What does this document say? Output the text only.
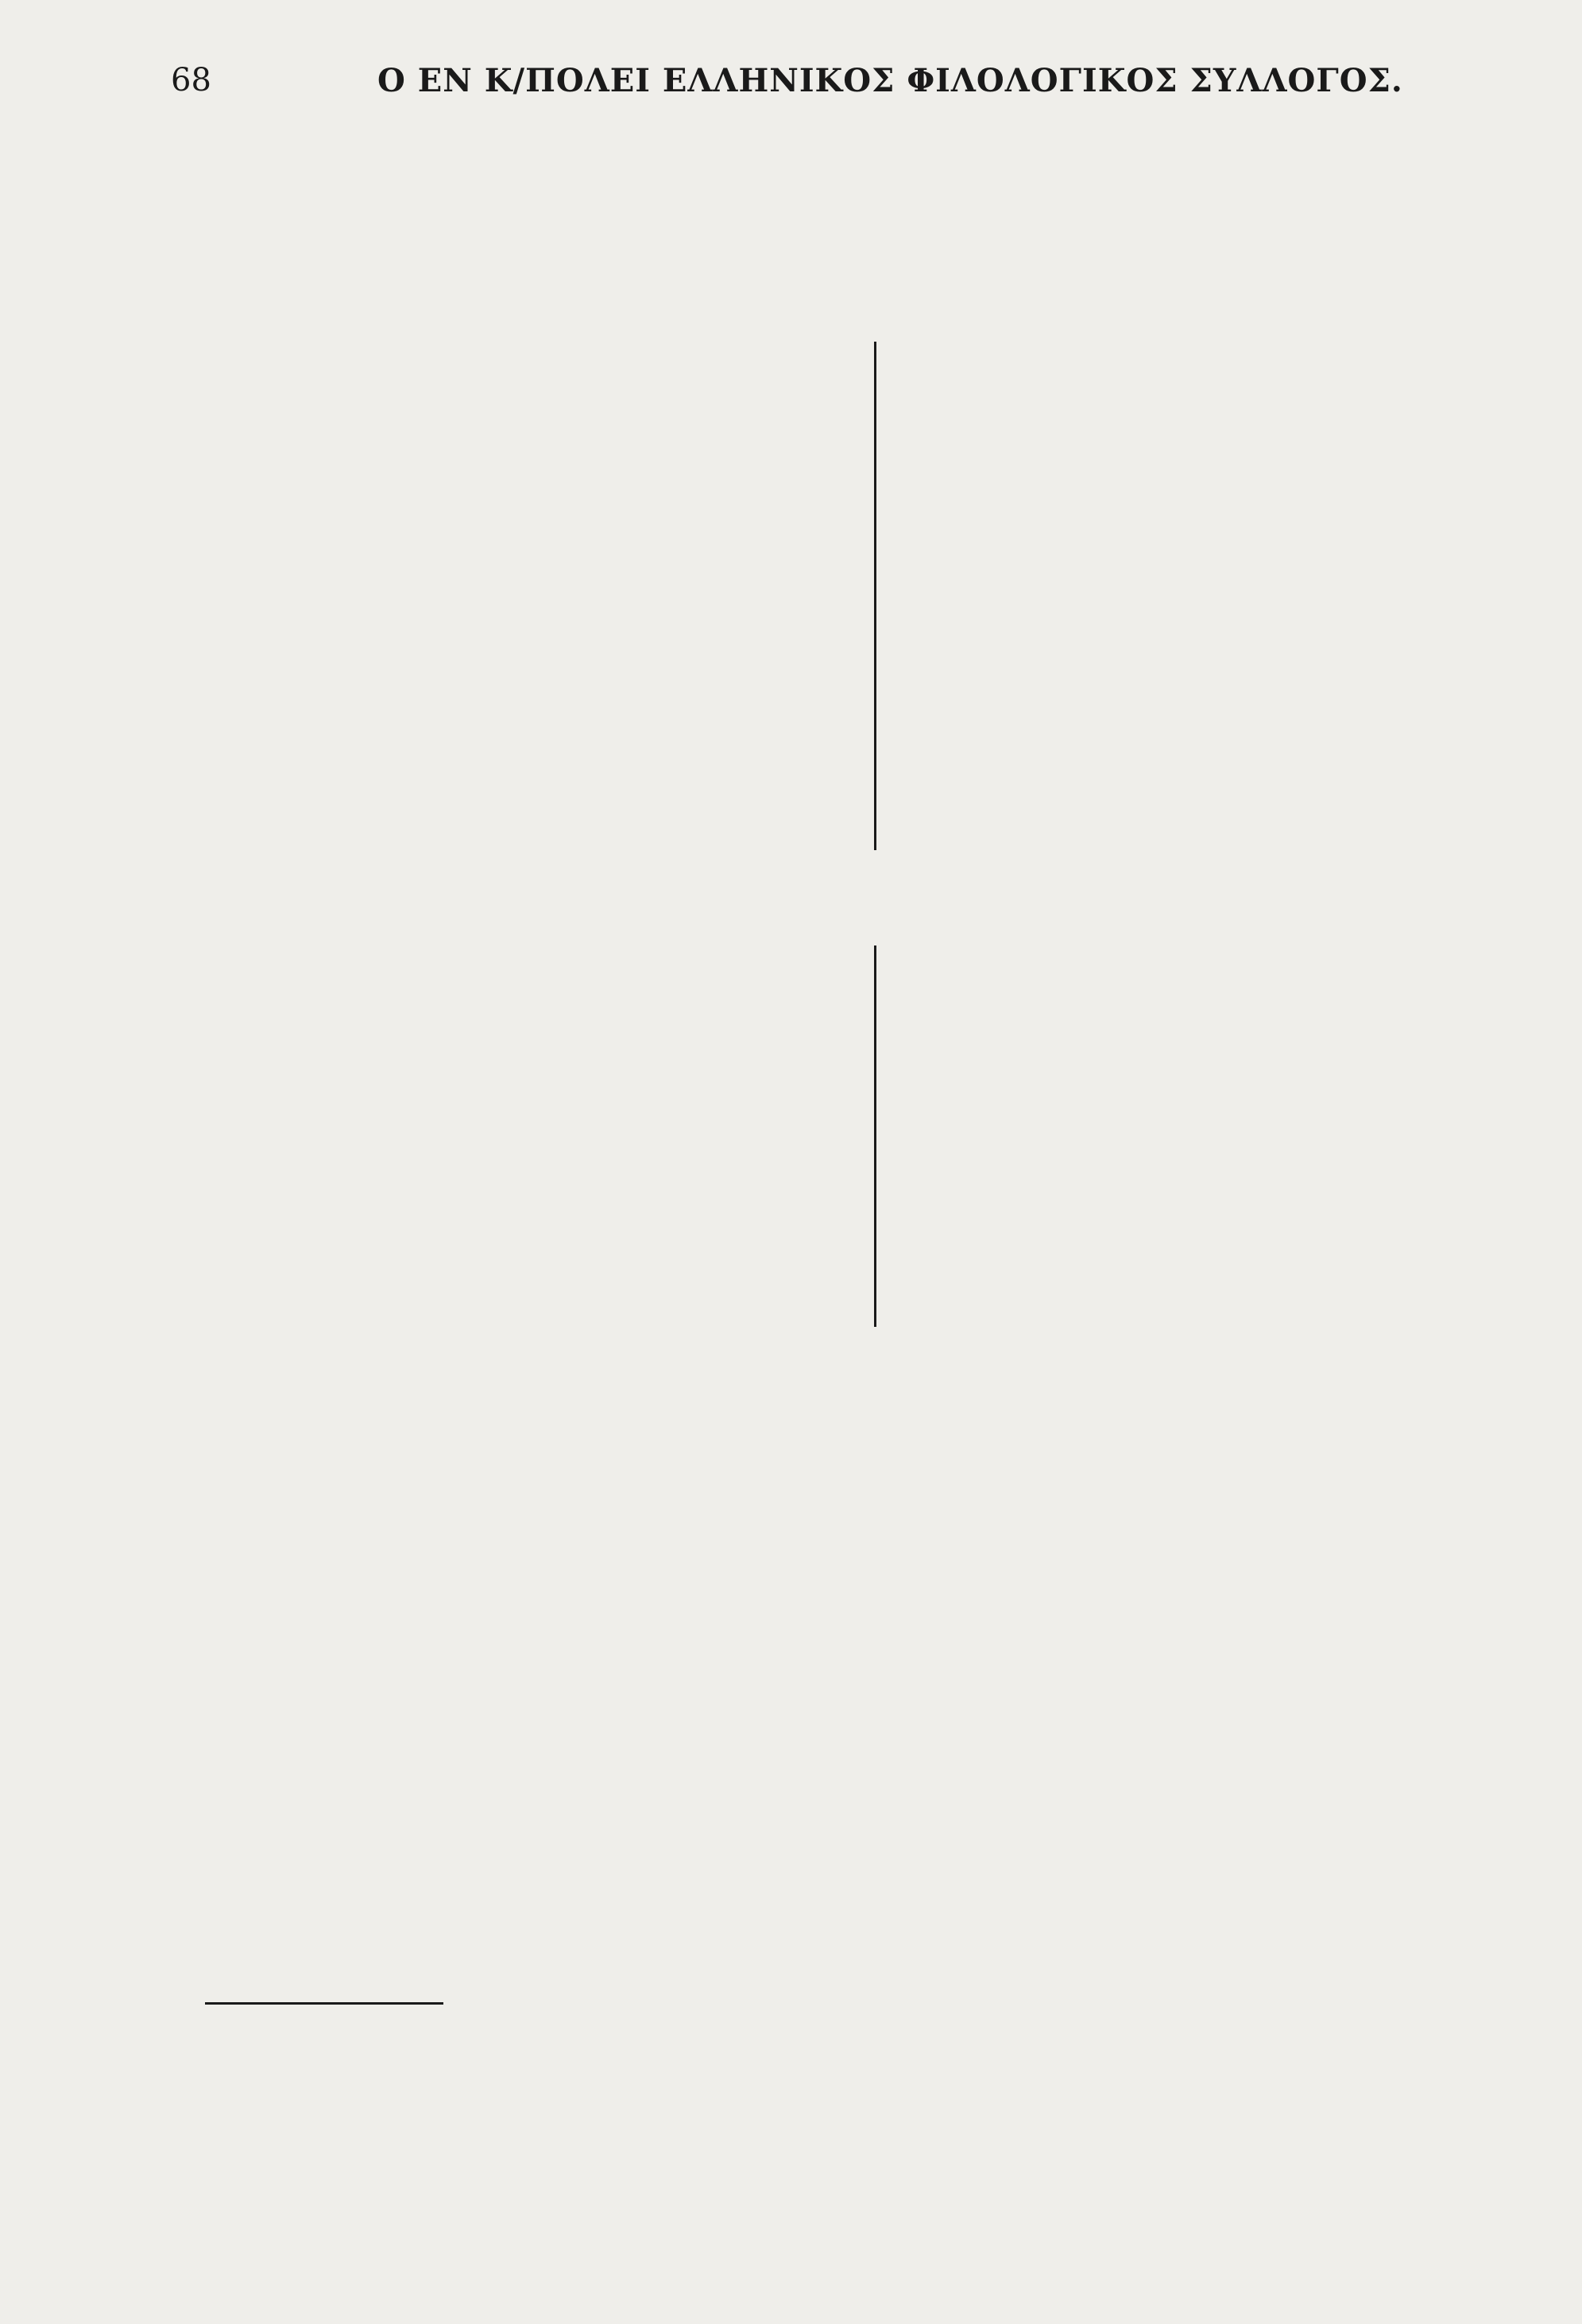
68	Ο ΕΝ Κ/ΠΟΛΕΙ ΕΛΛΗΝΙΚΟΣ ΦΙΛΟΛΟΓΙΚΟΣ ΣΥΛΛΟΓΟΣ.
